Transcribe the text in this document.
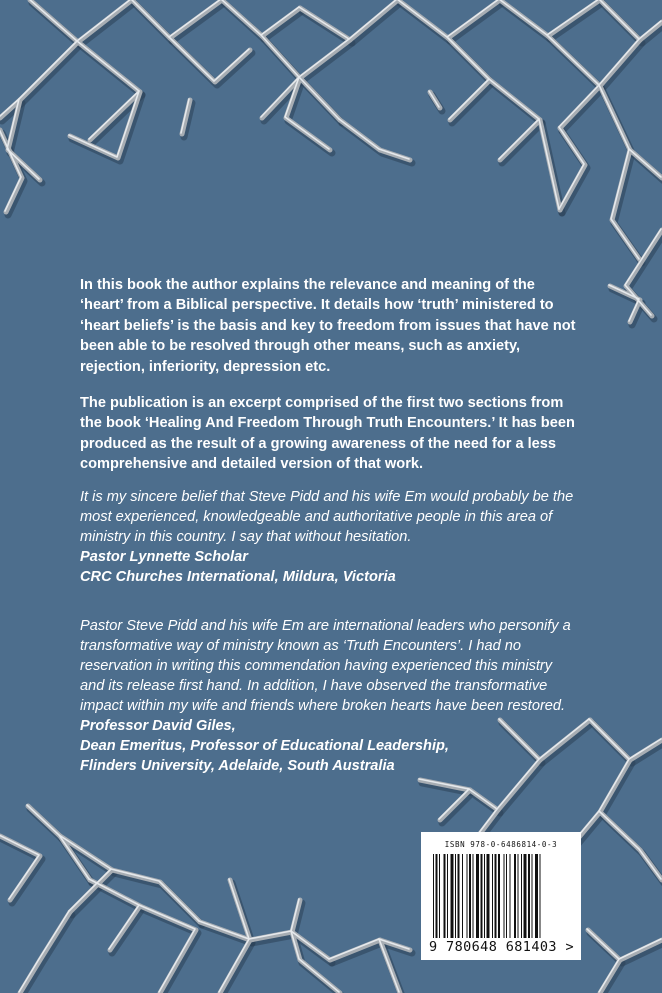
In this book the author explains the relevance and meaning of the ‘heart’ from a Biblical perspective. It details how ‘truth’ ministered to ‘heart beliefs’ is the basis and key to freedom from issues that have not been able to be resolved through other means, such as anxiety, rejection, inferiority, depression etc.

The publication is an excerpt comprised of the first two sections from the book ‘Healing And Freedom Through Truth Encounters.’ It has been produced as the result of a growing awareness of the need for a less comprehensive and detailed version of that work.

It is my sincere belief that Steve Pidd and his wife Em would probably be the most experienced, knowledgeable and authoritative people in this area of ministry in this country. I say that without hesitation.

Pastor Lynnette Scholar

CRC Churches International, Mildura, Victoria

Pastor Steve Pidd and his wife Em are international leaders who personify a transformative way of ministry known as ‘Truth Encounters’. I had no reservation in writing this commendation having experienced this ministry and its release first hand. In addition, I have observed the transformative impact within my wife and friends where broken hearts have been restored.

Professor David Giles,

Dean Emeritus, Professor of Educational Leadership,

Flinders University, Adelaide, South Australia

ISBN 978-0-6486814-0-3
9 780648 681403 >
